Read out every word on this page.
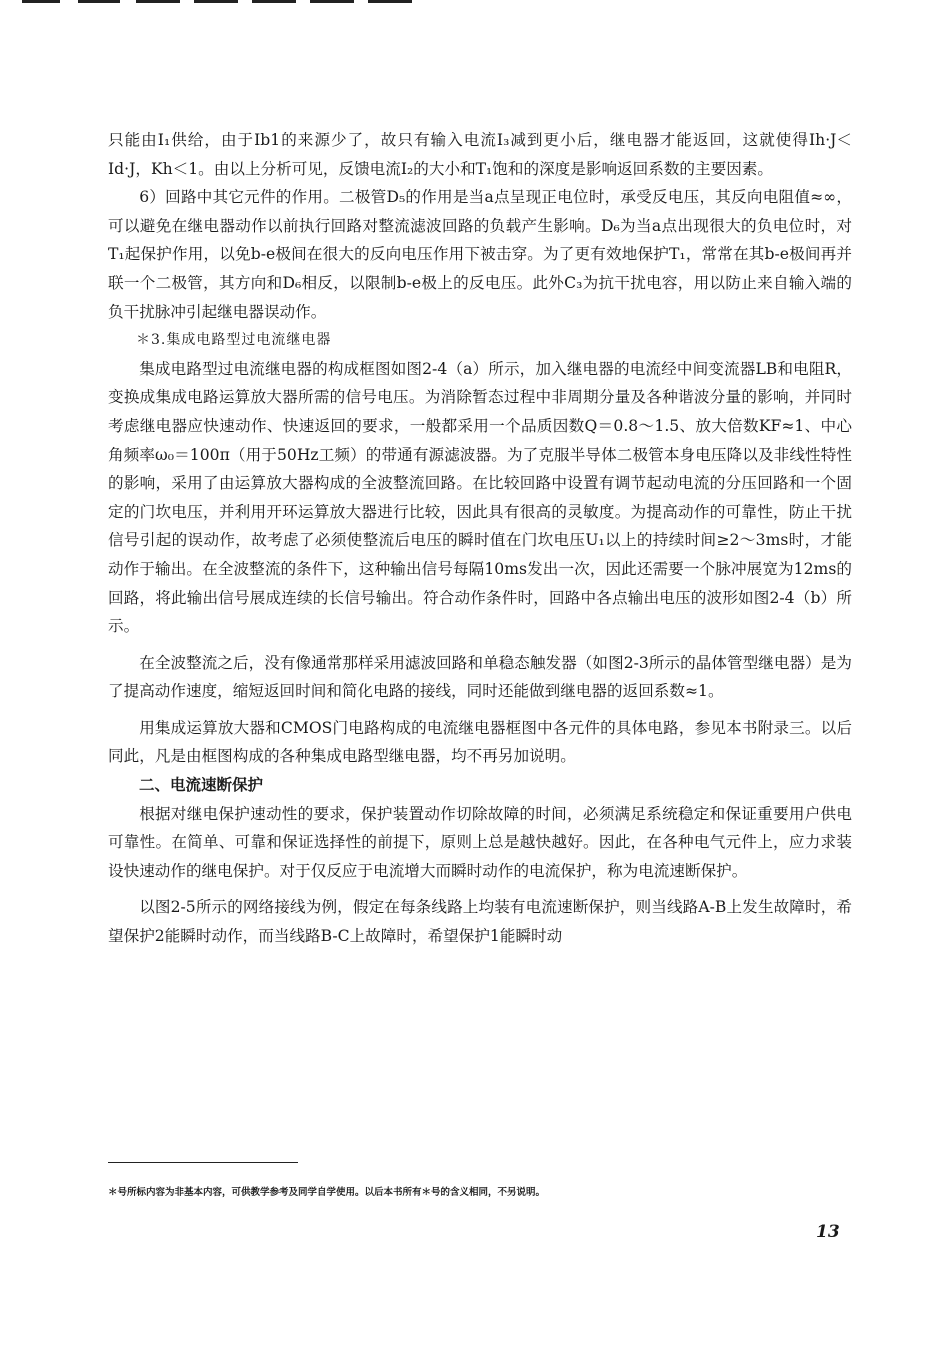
只能由I₁供给，由于Ib1的来源少了，故只有输入电流I₃减到更小后，继电器才能返回，这就使得Ih·J＜Id·J，Kh＜1。由以上分析可见，反馈电流I₂的大小和T₁饱和的深度是影响返回系数的主要因素。

6）回路中其它元件的作用。二极管D₅的作用是当a点呈现正电位时，承受反电压，其反向电阻值≈∞，可以避免在继电器动作以前执行回路对整流滤波回路的负载产生影响。D₆为当a点出现很大的负电位时，对T₁起保护作用，以免b-e极间在很大的反向电压作用下被击穿。为了更有效地保护T₁，常常在其b-e极间再并联一个二极管，其方向和D₆相反，以限制b-e极上的反电压。此外C₃为抗干扰电容，用以防止来自输入端的负干扰脉冲引起继电器误动作。

＊3.集成电路型过电流继电器

集成电路型过电流继电器的构成框图如图2-4（a）所示，加入继电器的电流经中间变流器LB和电阻R，变换成集成电路运算放大器所需的信号电压。为消除暂态过程中非周期分量及各种谐波分量的影响，并同时考虑继电器应快速动作、快速返回的要求，一般都采用一个品质因数Q＝0.8～1.5、放大倍数KF≈1、中心角频率ω₀＝100π（用于50Hz工频）的带通有源滤波器。为了克服半导体二极管本身电压降以及非线性特性的影响，采用了由运算放大器构成的全波整流回路。在比较回路中设置有调节起动电流的分压回路和一个固定的门坎电压，并利用开环运算放大器进行比较，因此具有很高的灵敏度。为提高动作的可靠性，防止干扰信号引起的误动作，故考虑了必须使整流后电压的瞬时值在门坎电压U₁以上的持续时间≥2～3ms时，才能动作于输出。在全波整流的条件下，这种输出信号每隔10ms发出一次，因此还需要一个脉冲展宽为12ms的回路，将此输出信号展成连续的长信号输出。符合动作条件时，回路中各点输出电压的波形如图2-4（b）所示。

在全波整流之后，没有像通常那样采用滤波回路和单稳态触发器（如图2-3所示的晶体管型继电器）是为了提高动作速度，缩短返回时间和简化电路的接线，同时还能做到继电器的返回系数≈1。

用集成运算放大器和CMOS门电路构成的电流继电器框图中各元件的具体电路，参见本书附录三。以后同此，凡是由框图构成的各种集成电路型继电器，均不再另加说明。

二、电流速断保护

根据对继电保护速动性的要求，保护装置动作切除故障的时间，必须满足系统稳定和保证重要用户供电可靠性。在简单、可靠和保证选择性的前提下，原则上总是越快越好。因此，在各种电气元件上，应力求装设快速动作的继电保护。对于仅反应于电流增大而瞬时动作的电流保护，称为电流速断保护。

以图2-5所示的网络接线为例，假定在每条线路上均装有电流速断保护，则当线路A-B上发生故障时，希望保护2能瞬时动作，而当线路B-C上故障时，希望保护1能瞬时动

＊号所标内容为非基本内容，可供教学参考及同学自学使用。以后本书所有＊号的含义相同，不另说明。
13
